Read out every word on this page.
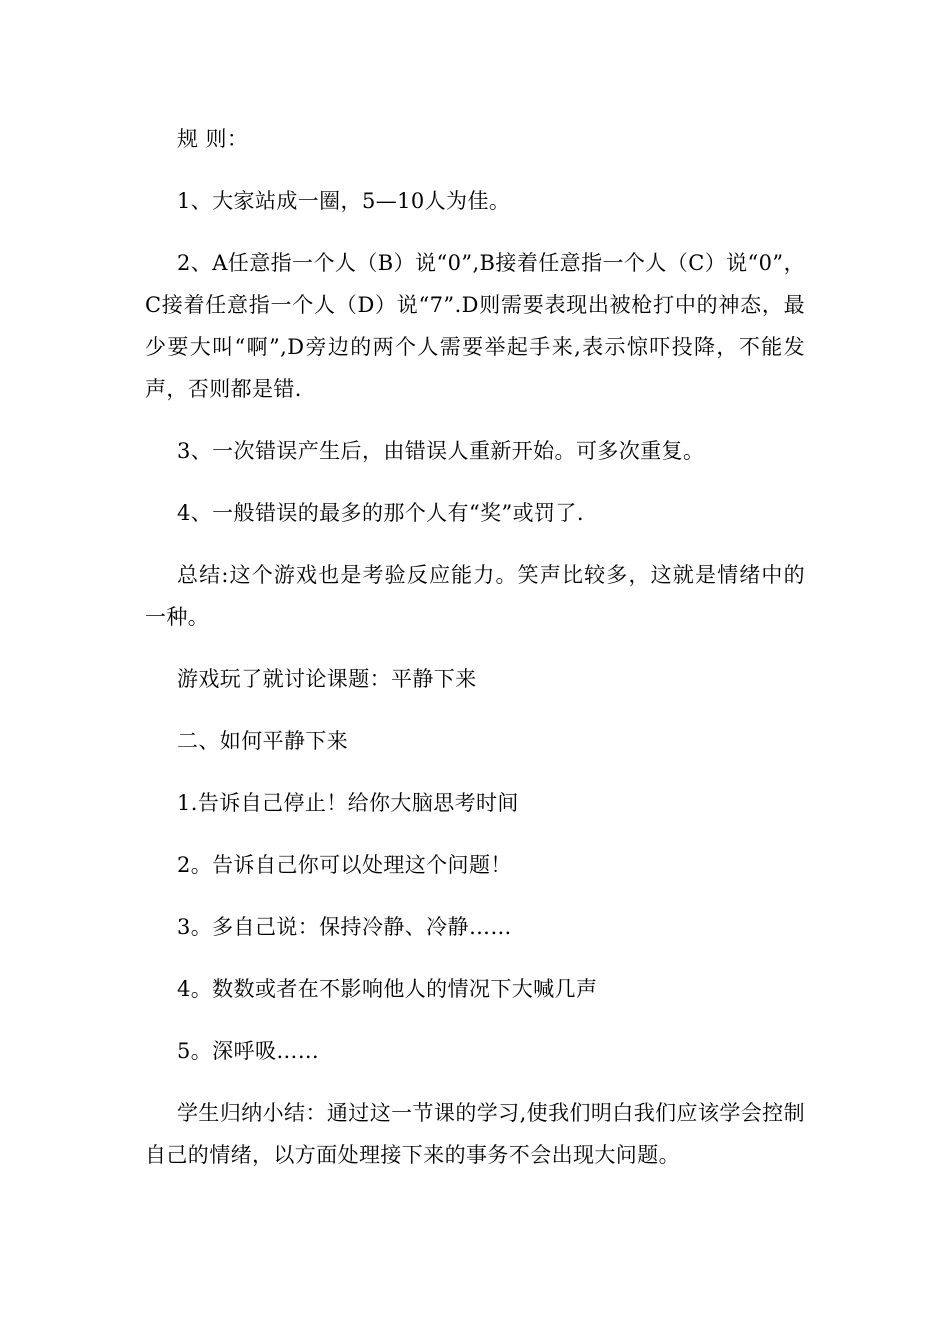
规 则：

1、大家站成一圈，5—10人为佳。

2、A任意指一个人（B）说“0”,B接着任意指一个人（C）说“0”，C接着任意指一个人（D）说“7”.D则需要表现出被枪打中的神态，最少要大叫“啊”,D旁边的两个人需要举起手来,表示惊吓投降，不能发声，否则都是错.

3、一次错误产生后，由错误人重新开始。可多次重复。

4、一般错误的最多的那个人有“奖”或罚了.

总结:这个游戏也是考验反应能力。笑声比较多，这就是情绪中的一种。

游戏玩了就讨论课题：平静下来

二、如何平静下来

1.告诉自己停止！给你大脑思考时间

2。告诉自己你可以处理这个问题！

3。多自己说：保持冷静、冷静……

4。数数或者在不影响他人的情况下大喊几声

5。深呼吸……

学生归纳小结：通过这一节课的学习,使我们明白我们应该学会控制自己的情绪，以方面处理接下来的事务不会出现大问题。
